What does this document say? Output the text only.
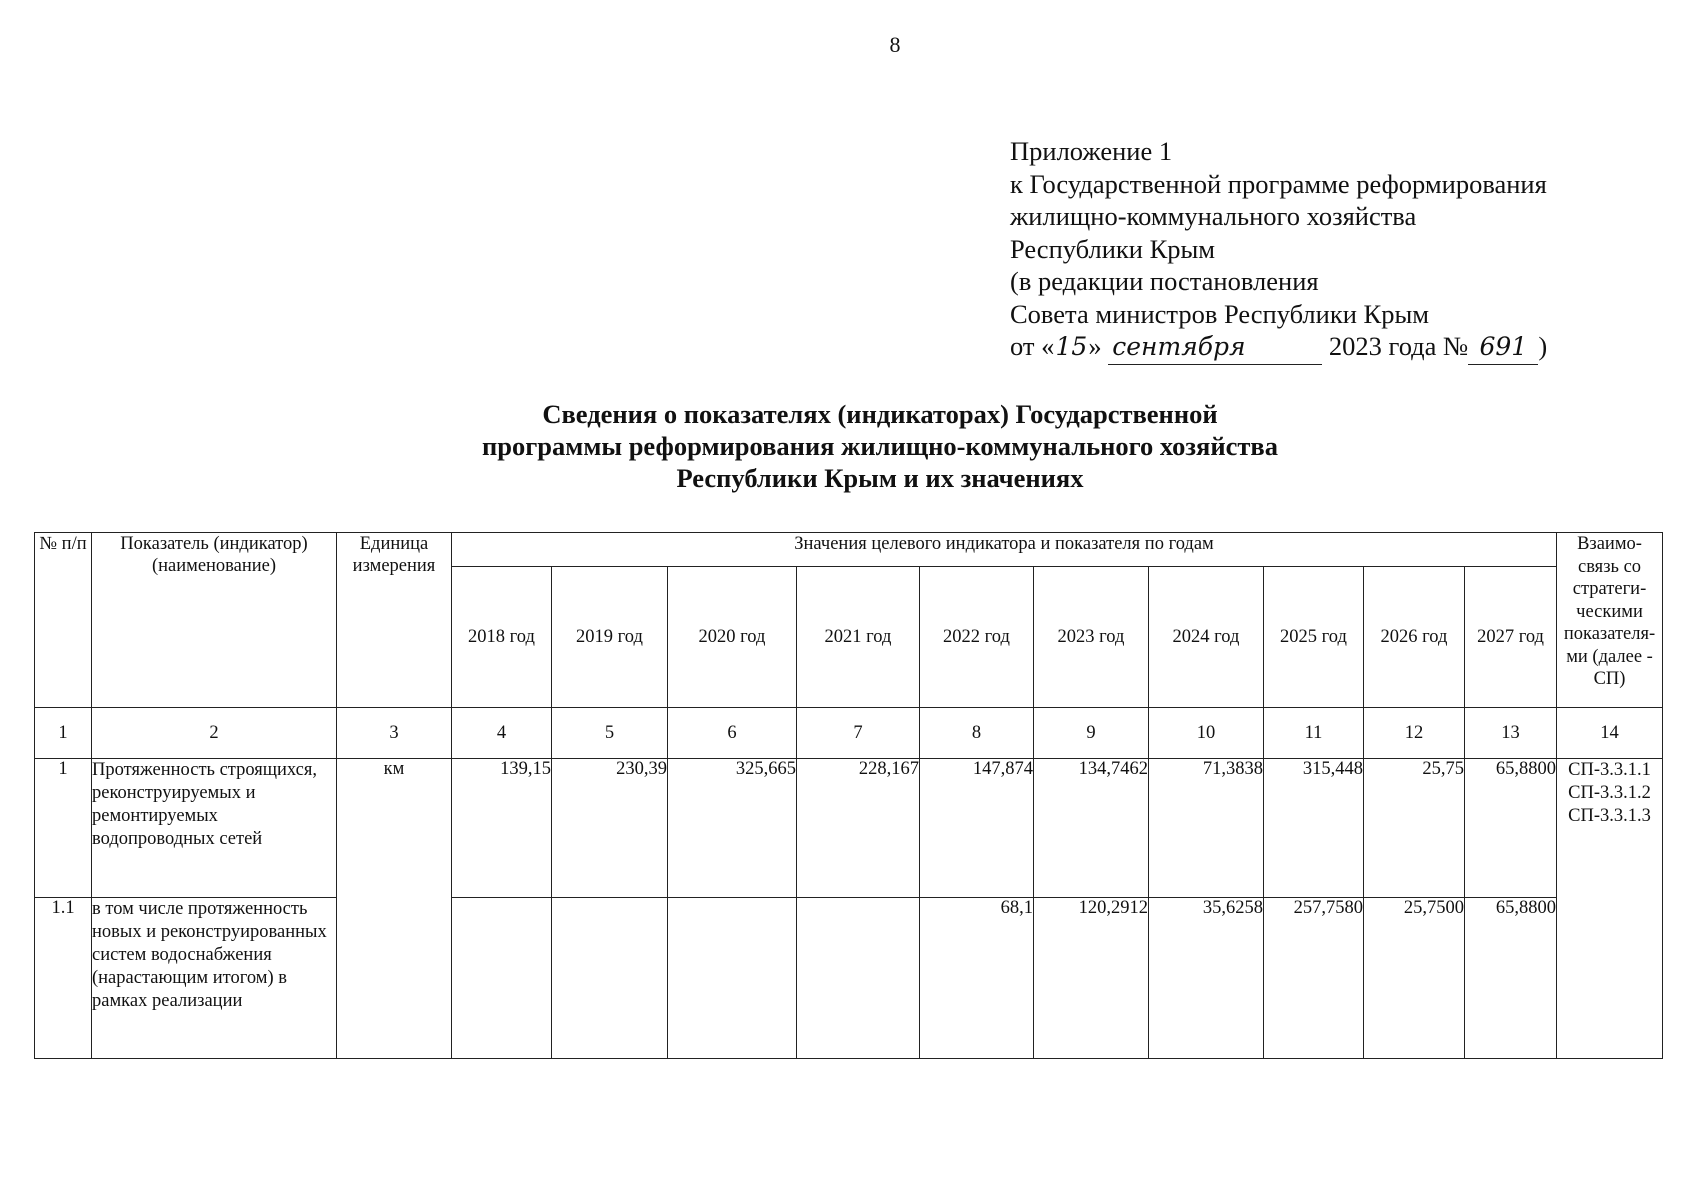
8
Приложение 1
к Государственной программе реформирования
жилищно-коммунального хозяйства
Республики Крым
(в редакции постановления
Совета министров Республики Крым
от «15» сентября	2023 года № 691 )
Сведения о показателях (индикаторах) Государственной
программы реформирования жилищно-коммунального хозяйства
Республики Крым и их значениях
№ п/п	Показатель (индикатор) (наименование)	Единица измерения	Значения целевого индикатора и показателя по годам										Взаимо-связь со стратеги-ческими показателя-ми (далее - СП)
			2018 год	2019 год	2020 год	2021 год	2022 год	2023 год	2024 год	2025 год	2026 год	2027 год	
1	2	3	4	5	6	7	8	9	10	11	12	13	14
1	Протяженность строящихся, реконструируемых и ремонтируемых водопроводных сетей	км	139,15	230,39	325,665	228,167	147,874	134,7462	71,3838	315,448	25,75	65,8800	СП-3.3.1.1
СП-3.3.1.2
СП-3.3.1.3

1.1	в том числе протяженность новых и реконструированных систем водоснабжения (нарастающим итогом) в рамках реализации						68,1	120,2912	35,6258	257,7580	25,7500	65,8800	
